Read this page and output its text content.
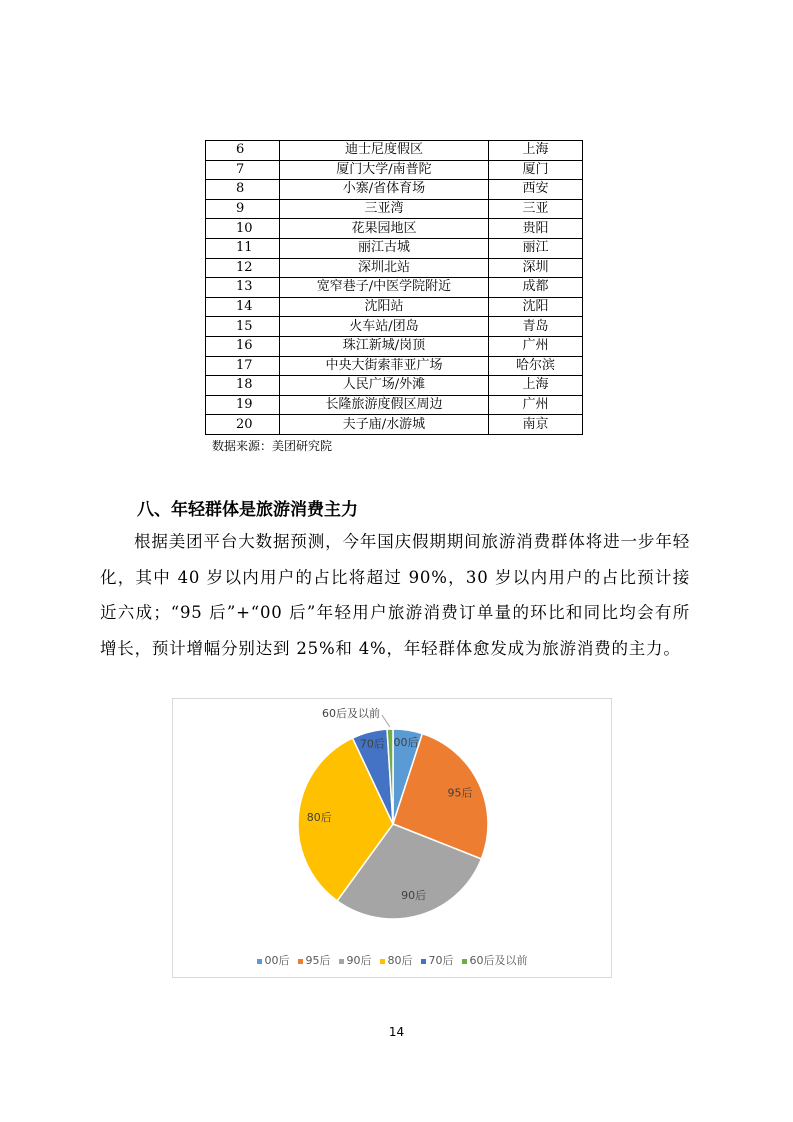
6	迪士尼度假区	上海
7	厦门大学/南普陀	厦门
8	小寨/省体育场	西安
9	三亚湾	三亚
10	花果园地区	贵阳
11	丽江古城	丽江
12	深圳北站	深圳
13	宽窄巷子/中医学院附近	成都
14	沈阳站	沈阳
15	火车站/团岛	青岛
16	珠江新城/岗顶	广州
17	中央大街索菲亚广场	哈尔滨
18	人民广场/外滩	上海
19	长隆旅游度假区周边	广州
20	夫子庙/水游城	南京
数据来源：美团研究院
八、年轻群体是旅游消费主力
根据美团平台大数据预测，今年国庆假期期间旅游消费群体将进一步年轻化，其中 40 岁以内用户的占比将超过 90%，30 岁以内用户的占比预计接近六成；“95 后”+“00 后”年轻用户旅游消费订单量的环比和同比均会有所增长，预计增幅分别达到 25%和 4%，年轻群体愈发成为旅游消费的主力。
00后
95后
90后
80后
70后
60后及以前
00后 95后 90后 80后 70后 60后及以前
14
